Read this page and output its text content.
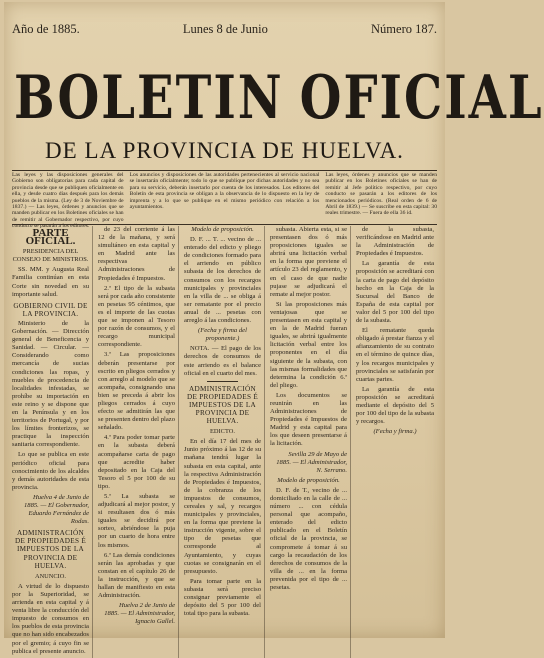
Año de 1885.	Lunes 8 de Junio	Número 187.
BOLETIN OFICIAL
DE LA PROVINCIA DE HUELVA.
Las leyes y las disposiciones generales del Gobierno son obligatorias para cada capital de provincia desde que se publiquen oficialmente en ella, y desde cuatro días después para los demás pueblos de la misma. (Ley de 3 de Noviembre de 1837.) — Las leyes, órdenes y anuncios que se manden publicar en los Boletines oficiales se han de remitir al Gobernador respectivo, por cuyo conducto se pasarán a los editores.
Los anuncios y disposiciones de las autoridades pertenecientes al servicio nacional se insertarán oficialmente; todo lo que se publique por dichas autoridades y no sea para su servicio, deberán insertarlo por cuenta de los interesados. Los editores del Boletín de esta provincia se obligan a la observancia de lo dispuesto en la ley de imprenta y a lo que se publique en el mismo periódico con relación a los ayuntamientos.
Las leyes, órdenes y anuncios que se manden publicar en los Boletines oficiales se han de remitir al Jefe político respectivo, por cuyo conducto se pasarán a los editores de los mencionados periódicos. (Real orden de 6 de Abril de 1839.) — Se suscribe en esta capital: 30 reales trimestre. — Fuera de ella 36 id.

PARTE OFICIAL.

PRESIDENCIA DEL CONSEJO DE MINISTROS.

SS. MM. y Augusta Real Familia continúan en esta Corte sin novedad en su importante salud.

GOBIERNO CIVIL DE LA PROVINCIA.

Ministerio de la Gobernación. — Dirección general de Beneficencia y Sanidad. — Circular. — Considerando como mercancía de sucias condiciones las ropas, y muebles de procedencia de localidades infestadas, se prohíbe su importación en este reino y se dispone que en la Península y en los territorios de Portugal, y por los límites fronterizos, se practique la inspección sanitaria correspondiente.

Lo que se publica en este periódico oficial para conocimiento de los alcaldes y demás autoridades de esta provincia.

Huelva 4 de Junio de 1885. — El Gobernador, Eduardo Fernández de Rodas.

ADMINISTRACIÓN DE PROPIEDADES É IMPUESTOS DE LA PROVINCIA DE HUELVA.

ANUNCIO.

A virtud de lo dispuesto por la Superioridad, se arrienda en esta capital y á venta libre la conducción del impuesto de consumos en los pueblos de esta provincia que no han sido encabezados por el gremio; á cuyo fin se publica el presente anuncio.

de 23 del corriente á las 12 de la mañana, y será simultáneo en esta capital y en Madrid ante las respectivas Administraciones de Propiedades é Impuestos.

2.ª El tipo de la subasta será por cada año consistente en pesetas 95 céntimos, que es el importe de las cuotas que se imponen al Tesoro por razón de consumos, y el recargo municipal correspondiente.

3.ª Las proposiciones deberán presentarse por escrito en pliegos cerrados y con arreglo al modelo que se acompaña, consignando una bien se preceda á abrir los pliegos cerrados á cuyo efecto se admitirán las que se presenten dentro del plazo señalado.

4.ª Para poder tomar parte en la subasta deberá acompañarse carta de pago que acredite haber depositado en la Caja del Tesoro el 5 por 100 de su tipo.

5.ª La subasta se adjudicará al mejor postor, y si resultasen dos ó más iguales se decidirá por sorteo, abriéndose la puja por un cuarto de hora entre los mismos.

6.ª Las demás condiciones serán las aprobadas y que constan en el capítulo 26 de la instrucción, y que se hallan de manifiesto en esta Administración.

Huelva 2 de Junio de 1885. — El Administrador, Ignacio Gallel.

Modelo de proposición.

D. F. ... T. ... vecino de ... enterado del edicto y pliego de condiciones formado para el arriendo en público subasta de los derechos de consumos con los recargos municipales y provinciales en la villa de ... se obliga á ser rematante por el precio anual de ... pesetas con arreglo á las condiciones.

(Fecha y firma del proponente.)

NOTA. — El pago de los derechos de consumos de este arriendo es el balance oficial en el cuarto del mes.

ADMINISTRACIÓN DE PROPIEDADES É IMPUESTOS DE LA PROVINCIA DE HUELVA.

EDICTO.

En el día 17 del mes de Junio próximo á las 12 de su mañana tendrá lugar la subasta en esta capital, ante la respectiva Administración de Propiedades é Impuestos, de la cobranza de los impuestos de consumos, cereales y sal, y recargos municipales y provinciales, en la forma que previene la instrucción vigente, sobre el tipo de pesetas que corresponde al Ayuntamiento, y cuyas cuotas se consignarán en el presupuesto.

Para tomar parte en la subasta será preciso consignar previamente el depósito del 5 por 100 del total tipo para la subasta.

subasta. Abierta esta, si se presentasen dos ó más proposiciones iguales se abrirá una licitación verbal en la forma que previene el artículo 23 del reglamento, y en el caso de que nadie pujase se adjudicará el remate al mejor postor.

Si las proposiciones más ventajosas que se presentasen en esta capital y en la de Madrid fueran iguales, se abrirá igualmente licitación verbal entre los proponentes en el día siguiente de la subasta, con las mismas formalidades que determina la condición 6.ª del pliego.

Los documentos se reunirán en las Administraciones de Propiedades é Impuestos de Madrid y esta capital para los que deseen presentarse á la licitación.

Sevilla 29 de Mayo de 1885. — El Administrador, N. Serrano.

Modelo de proposición.

D. F. de T., vecino de ... domiciliado en la calle de ... número ... con cédula personal que acompaño, enterado del edicto publicado en el Boletín oficial de la provincia, se compromete á tomar á su cargo la recaudación de los derechos de consumos de la villa de ... en la forma prevenida por el tipo de ... pesetas.

de la subasta, verificándose en Madrid ante la Administración de Propiedades é Impuestos.

La garantía de esta proposición se acreditará con la carta de pago del depósito hecho en la Caja de la Sucursal del Banco de España de esta capital por valor del 5 por 100 del tipo de la subasta.

El rematante queda obligado á prestar fianza y el afianzamiento de su contrato en el término de quince días, y los recargos municipales y provinciales se satisfarán por cuartas partes.

La garantía de esta proposición se acreditará mediante el depósito del 5 por 100 del tipo de la subasta y recargos.

(Fecha y firma.)
